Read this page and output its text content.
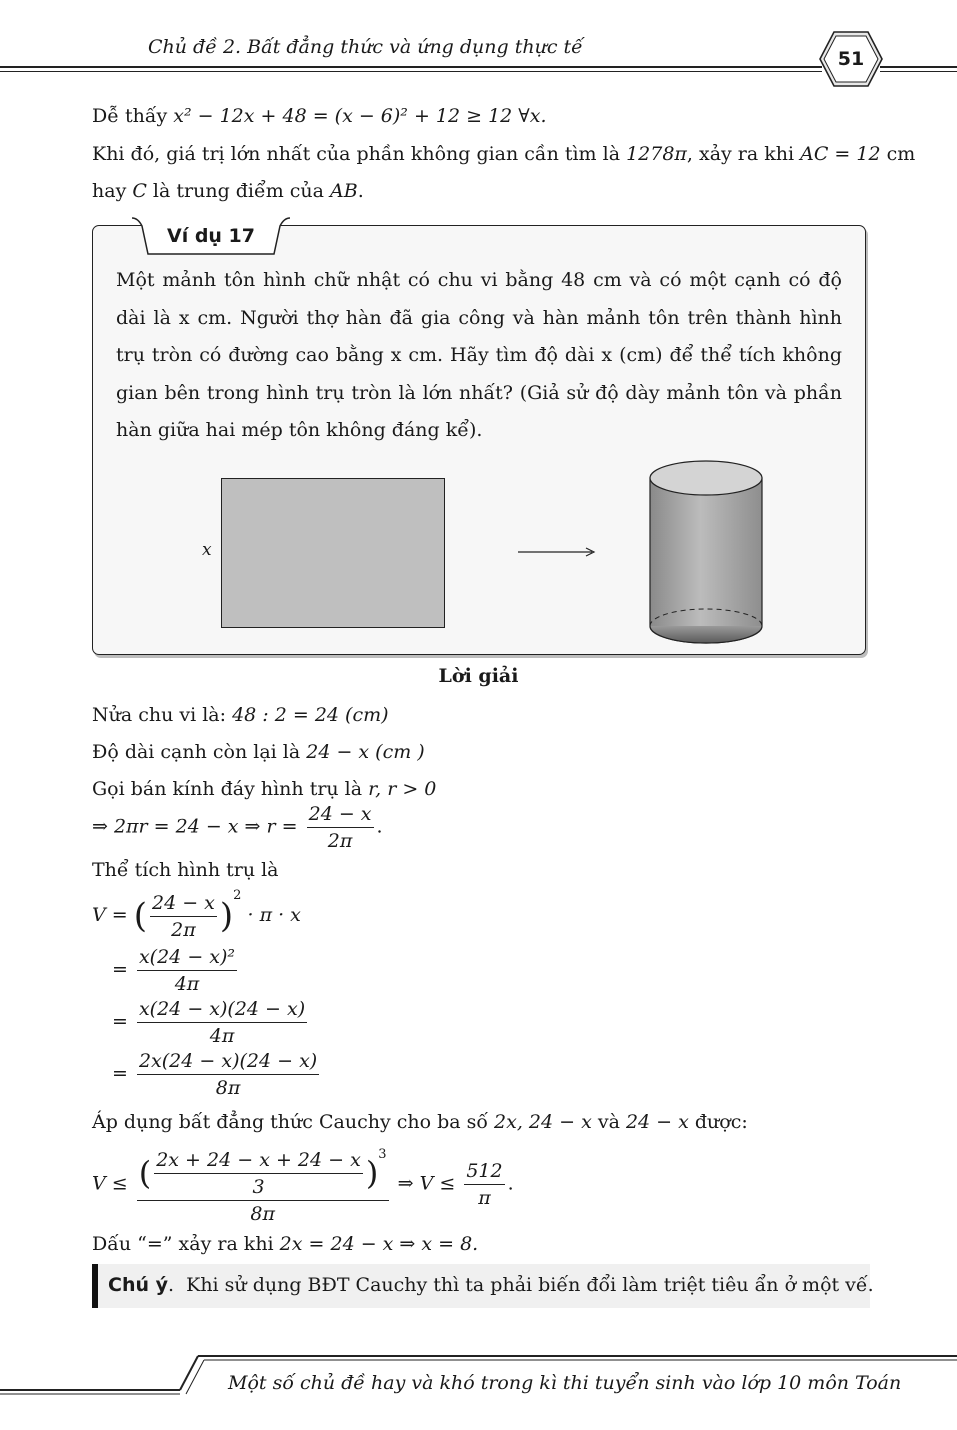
Chủ đề 2. Bất đẳng thức và ứng dụng thực tế
51
Dễ thấy x² − 12x + 48 = (x − 6)² + 12 ≥ 12 ∀x.
Khi đó, giá trị lớn nhất của phần không gian cần tìm là 1278π, xảy ra khi AC = 12 cm
hay C là trung điểm của AB.
Ví dụ 17
Một mảnh tôn hình chữ nhật có chu vi bằng 48 cm và có một cạnh có độ dài là x cm. Người thợ hàn đã gia công và hàn mảnh tôn trên thành hình trụ tròn có đường cao bằng x cm. Hãy tìm độ dài x (cm) để thể tích không gian bên trong hình trụ tròn là lớn nhất? (Giả sử độ dày mảnh tôn và phần hàn giữa hai mép tôn không đáng kể).
x
Lời giải
Nửa chu vi là: 48 : 2 = 24 (cm)
Độ dài cạnh còn lại là 24 − x (cm )
Gọi bán kính đáy hình trụ là r, r > 0
⇒ 2πr = 24 − x ⇒ $r = \frac{24 - x}{2\pi}$ .
Thể tích hình trụ là
V = ( $\frac{24 - x}{2\pi} )^2 \cdot \pi \cdot x$
= $\frac{\text{x(24 − x)²}}{4\pi}$
= $\frac{x(24 - x)(24 - x)}{4\pi}$
= $\frac{2x(24 - x)(24 - x)}{8\pi}$
Áp dụng bất đẳng thức Cauchy cho ba số 2x, 24 − x và 24 − x được:
$V \le \frac{( \frac{2x + 24 - x + 24 - x}{3} )^3}{8\pi}$ ⇒ $V \le \frac{512}{\pi}$ .
Dấu “=” xảy ra khi 2x = 24 − x ⇒ x = 8.
Chú ý.  Khi sử dụng BĐT Cauchy thì ta phải biến đổi làm triệt tiêu ẩn ở một vế.
Một số chủ đề hay và khó trong kì thi tuyển sinh vào lớp 10 môn Toán
